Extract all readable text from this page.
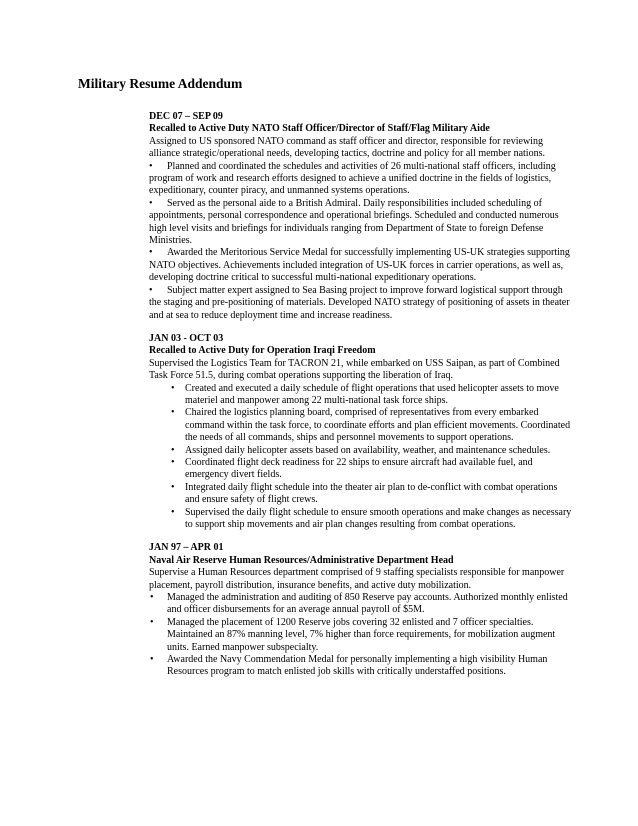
Military Resume Addendum
DEC 07 – SEP 09
Recalled to Active Duty NATO Staff Officer/Director of Staff/Flag Military Aide

Assigned to US sponsored NATO command as staff officer and director, responsible for reviewing alliance strategic/operational needs, developing tactics, doctrine and policy for all member nations.

• Planned and coordinated the schedules and activities of 26 multi-national staff officers, including program of work and research efforts designed to achieve a unified doctrine in the fields of logistics, expeditionary, counter piracy, and unmanned systems operations.
• Served as the personal aide to a British Admiral. Daily responsibilities included scheduling of appointments, personal correspondence and operational briefings. Scheduled and conducted numerous high level visits and briefings for individuals ranging from Department of State to foreign Defense Ministries.
• Awarded the Meritorious Service Medal for successfully implementing US-UK strategies supporting NATO objectives. Achievements included integration of US-UK forces in carrier operations, as well as, developing doctrine critical to successful multi-national expeditionary operations.
• Subject matter expert assigned to Sea Basing project to improve forward logistical support through the staging and pre-positioning of materials. Developed NATO strategy of positioning of assets in theater and at sea to reduce deployment time and increase readiness.
JAN 03 - OCT 03
Recalled to Active Duty for Operation Iraqi Freedom

Supervised the Logistics Team for TACRON 21, while embarked on USS Saipan, as part of Combined Task Force 51.5, during combat operations supporting the liberation of Iraq.

• Created and executed a daily schedule of flight operations that used helicopter assets to move materiel and manpower among 22 multi-national task force ships.
• Chaired the logistics planning board, comprised of representatives from every embarked command within the task force, to coordinate efforts and plan efficient movements. Coordinated the needs of all commands, ships and personnel movements to support operations.
• Assigned daily helicopter assets based on availability, weather, and maintenance schedules.
• Coordinated flight deck readiness for 22 ships to ensure aircraft had available fuel, and emergency divert fields.
• Integrated daily flight schedule into the theater air plan to de-conflict with combat operations and ensure safety of flight crews.
• Supervised the daily flight schedule to ensure smooth operations and make changes as necessary to support ship movements and air plan changes resulting from combat operations.
JAN 97 – APR 01
Naval Air Reserve Human Resources/Administrative Department Head

Supervise a Human Resources department comprised of 9 staffing specialists responsible for manpower placement, payroll distribution, insurance benefits, and active duty mobilization.

• Managed the administration and auditing of 850 Reserve pay accounts. Authorized monthly enlisted and officer disbursements for an average annual payroll of $5M.
• Managed the placement of 1200 Reserve jobs covering 32 enlisted and 7 officer specialties. Maintained an 87% manning level, 7% higher than force requirements, for mobilization augment units. Earned manpower subspecialty.
• Awarded the Navy Commendation Medal for personally implementing a high visibility Human Resources program to match enlisted job skills with critically understaffed positions.
